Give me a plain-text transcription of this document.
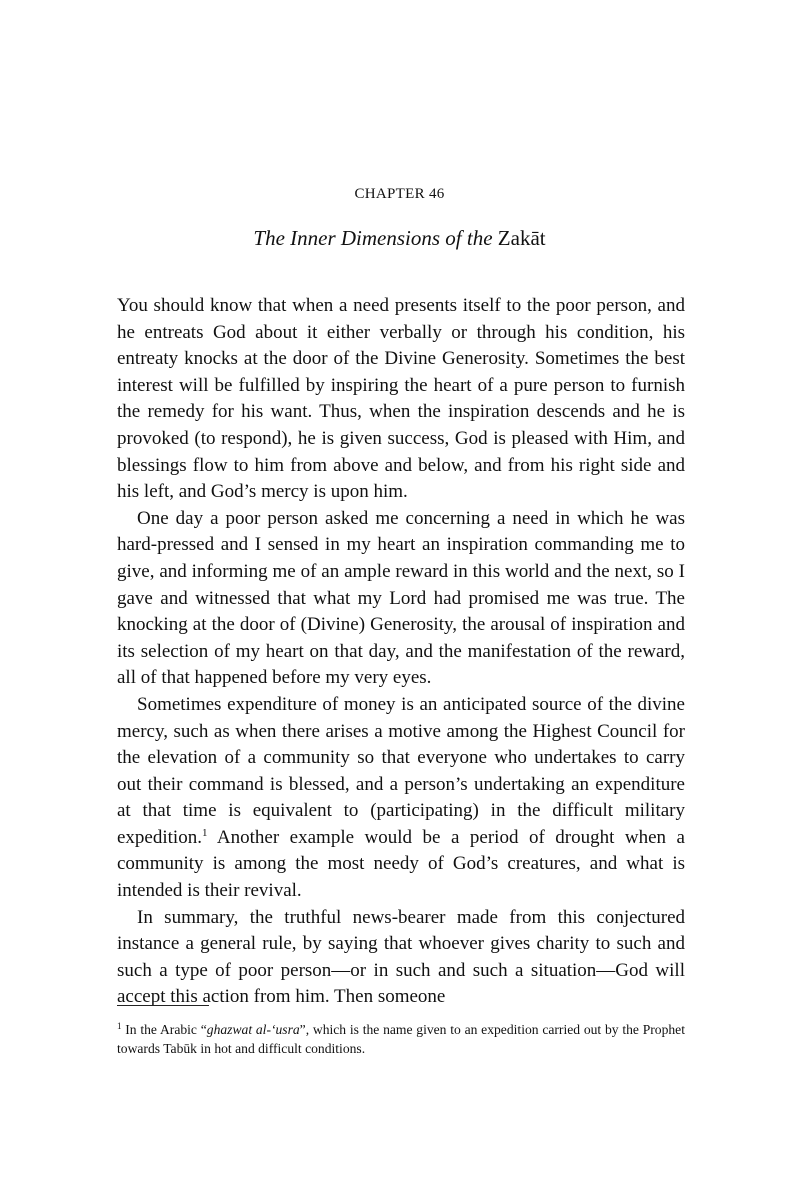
CHAPTER 46
The Inner Dimensions of the Zakāt

You should know that when a need presents itself to the poor person, and he entreats God about it either verbally or through his condition, his entreaty knocks at the door of the Divine Generosity. Sometimes the best interest will be fulfilled by inspiring the heart of a pure person to furnish the remedy for his want. Thus, when the inspiration descends and he is provoked (to respond), he is given success, God is pleased with Him, and blessings flow to him from above and below, and from his right side and his left, and God’s mercy is upon him.

One day a poor person asked me concerning a need in which he was hard-pressed and I sensed in my heart an inspiration commanding me to give, and informing me of an ample reward in this world and the next, so I gave and witnessed that what my Lord had promised me was true. The knocking at the door of (Divine) Generosity, the arousal of inspiration and its selection of my heart on that day, and the manifestation of the reward, all of that happened before my very eyes.

Sometimes expenditure of money is an anticipated source of the divine mercy, such as when there arises a motive among the Highest Council for the elevation of a community so that everyone who undertakes to carry out their command is blessed, and a person’s undertaking an expenditure at that time is equivalent to (participating) in the difficult military expedition.$^1$ Another example would be a period of drought when a community is among the most needy of God’s creatures, and what is intended is their revival.

In summary, the truthful news-bearer made from this conjectured instance a general rule, by saying that whoever gives charity to such and such a type of poor person—or in such and such a situation—God will accept this action from him. Then someone

$^1$ In the Arabic “ghazwat al-‘usra”, which is the name given to an expedition carried out by the Prophet towards Tabūk in hot and difficult conditions.
